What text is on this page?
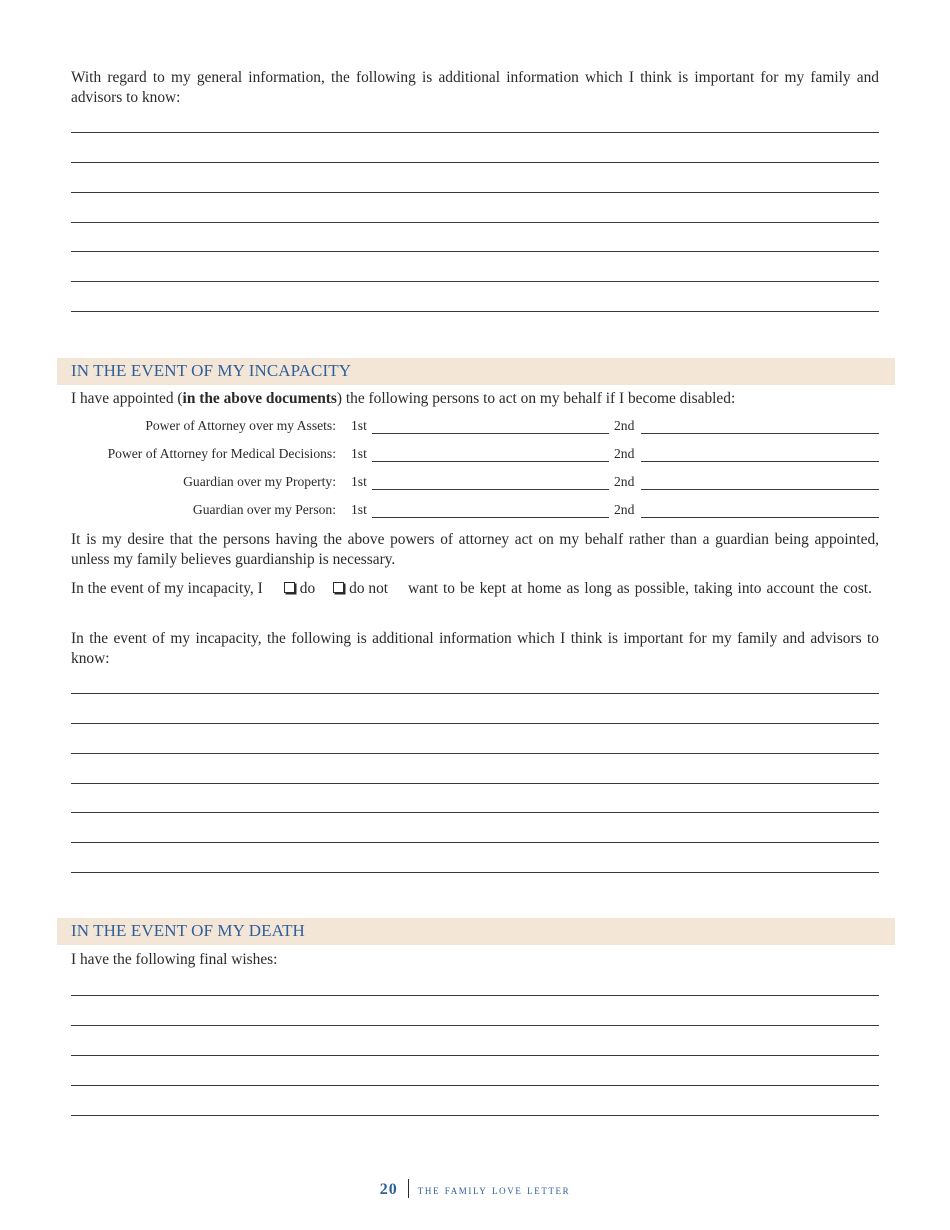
With regard to my general information, the following is additional information which I think is important for my family and advisors to know:

IN THE EVENT OF MY INCAPACITY

I have appointed (in the above documents) the following persons to act on my behalf if I become disabled:

Power of Attorney over my Assets: 1st	2nd
Power of Attorney for Medical Decisions: 1st	2nd
Guardian over my Property: 1st	2nd
Guardian over my Person: 1st	2nd

It is my desire that the persons having the above powers of attorney act on my behalf rather than a guardian being appointed, unless my family believes guardianship is necessary.

In the event of my incapacity, I do do not want to be kept at home as long as possible, taking into account the cost.

In the event of my incapacity, the following is additional information which I think is important for my family and advisors to know:

IN THE EVENT OF MY DEATH

I have the following final wishes:

20 the family love letter
